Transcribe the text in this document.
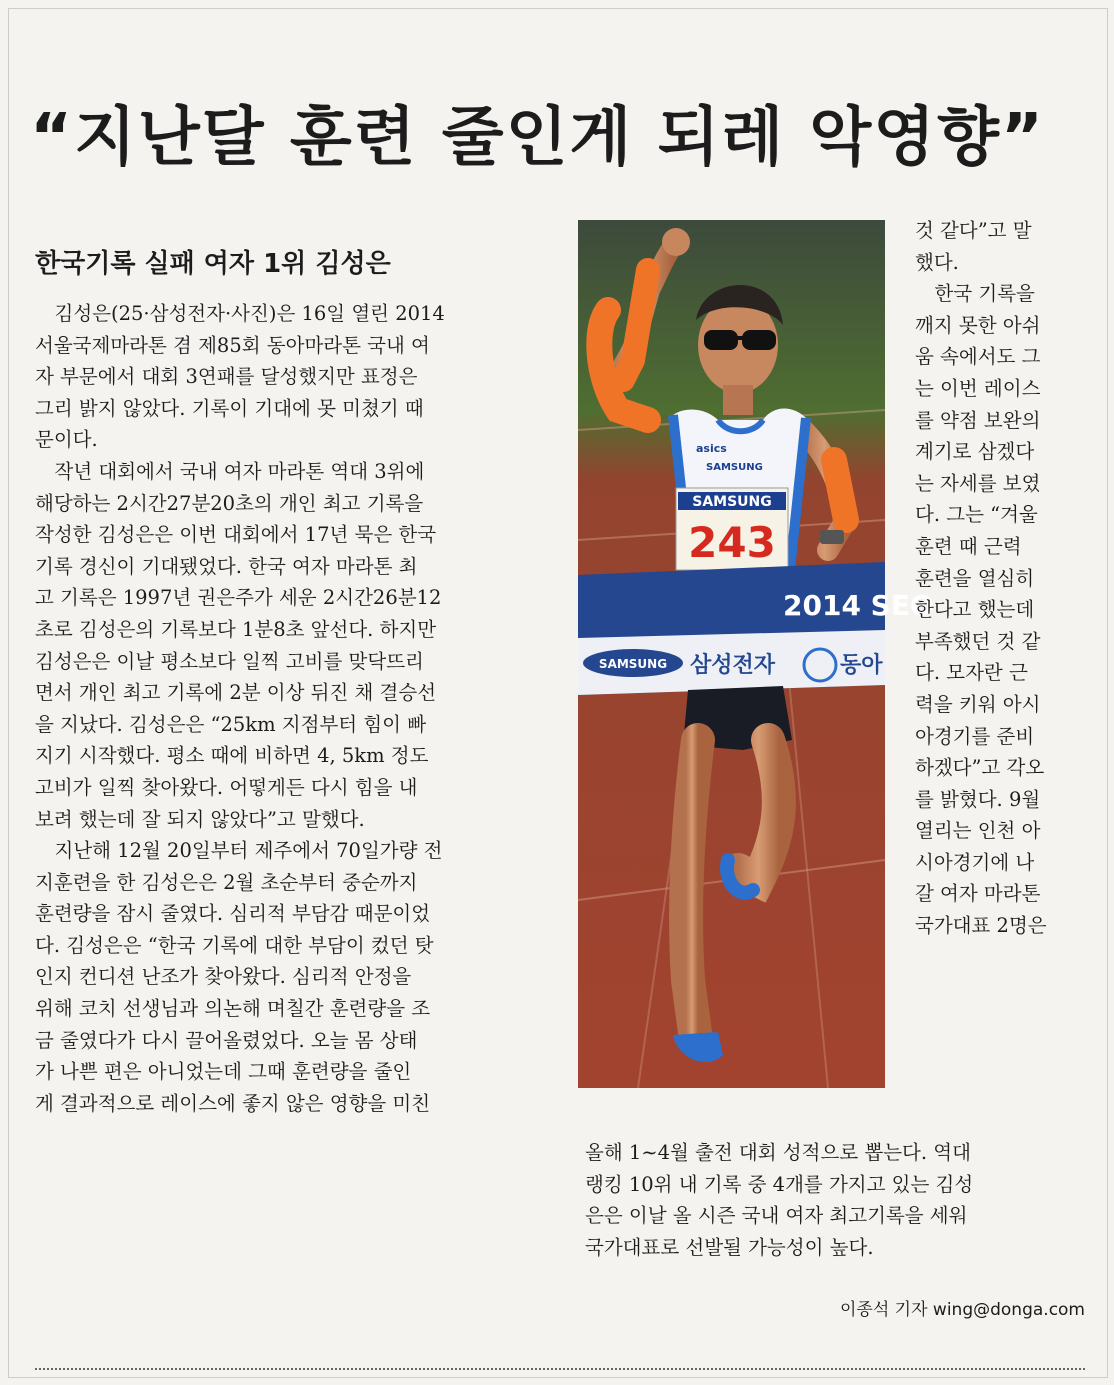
“지난달 훈련 줄인게 되레 악영향”
한국기록 실패 여자 1위 김성은

김성은(25·삼성전자·사진)은 16일 열린 2014
서울국제마라톤 겸 제85회 동아마라톤 국내 여
자 부문에서 대회 3연패를 달성했지만 표정은
그리 밝지 않았다. 기록이 기대에 못 미쳤기 때
문이다.

작년 대회에서 국내 여자 마라톤 역대 3위에
해당하는 2시간27분20초의 개인 최고 기록을
작성한 김성은은 이번 대회에서 17년 묵은 한국
기록 경신이 기대됐었다. 한국 여자 마라톤 최
고 기록은 1997년 권은주가 세운 2시간26분12
초로 김성은의 기록보다 1분8초 앞선다. 하지만
김성은은 이날 평소보다 일찍 고비를 맞닥뜨리
면서 개인 최고 기록에 2분 이상 뒤진 채 결승선
을 지났다. 김성은은 “25km 지점부터 힘이 빠
지기 시작했다. 평소 때에 비하면 4, 5km 정도
고비가 일찍 찾아왔다. 어떻게든 다시 힘을 내
보려 했는데 잘 되지 않았다”고 말했다.

지난해 12월 20일부터 제주에서 70일가량 전
지훈련을 한 김성은은 2월 초순부터 중순까지
훈련량을 잠시 줄였다. 심리적 부담감 때문이었
다. 김성은은 “한국 기록에 대한 부담이 컸던 탓
인지 컨디션 난조가 찾아왔다. 심리적 안정을
위해 코치 선생님과 의논해 며칠간 훈련량을 조
금 줄였다가 다시 끌어올렸었다. 오늘 몸 상태
가 나쁜 편은 아니었는데 그때 훈련량을 줄인
게 결과적으로 레이스에 좋지 않은 영향을 미친

asics
SAMSUNG
SAMSUNG
243
2014 SEO
SAMSUNG 삼성전자	동아

것 같다”고 말
했다.

한국 기록을
깨지 못한 아쉬
움 속에서도 그
는 이번 레이스
를 약점 보완의
계기로 삼겠다
는 자세를 보였
다. 그는 “겨울
훈련 때 근력
훈련을 열심히
한다고 했는데
부족했던 것 같
다. 모자란 근
력을 키워 아시
아경기를 준비
하겠다”고 각오
를 밝혔다. 9월
열리는 인천 아
시아경기에 나
갈 여자 마라톤
국가대표 2명은

올해 1∼4월 출전 대회 성적으로 뽑는다. 역대
랭킹 10위 내 기록 중 4개를 가지고 있는 김성
은은 이날 올 시즌 국내 여자 최고기록을 세워
국가대표로 선발될 가능성이 높다.

이종석 기자 wing@donga.com
